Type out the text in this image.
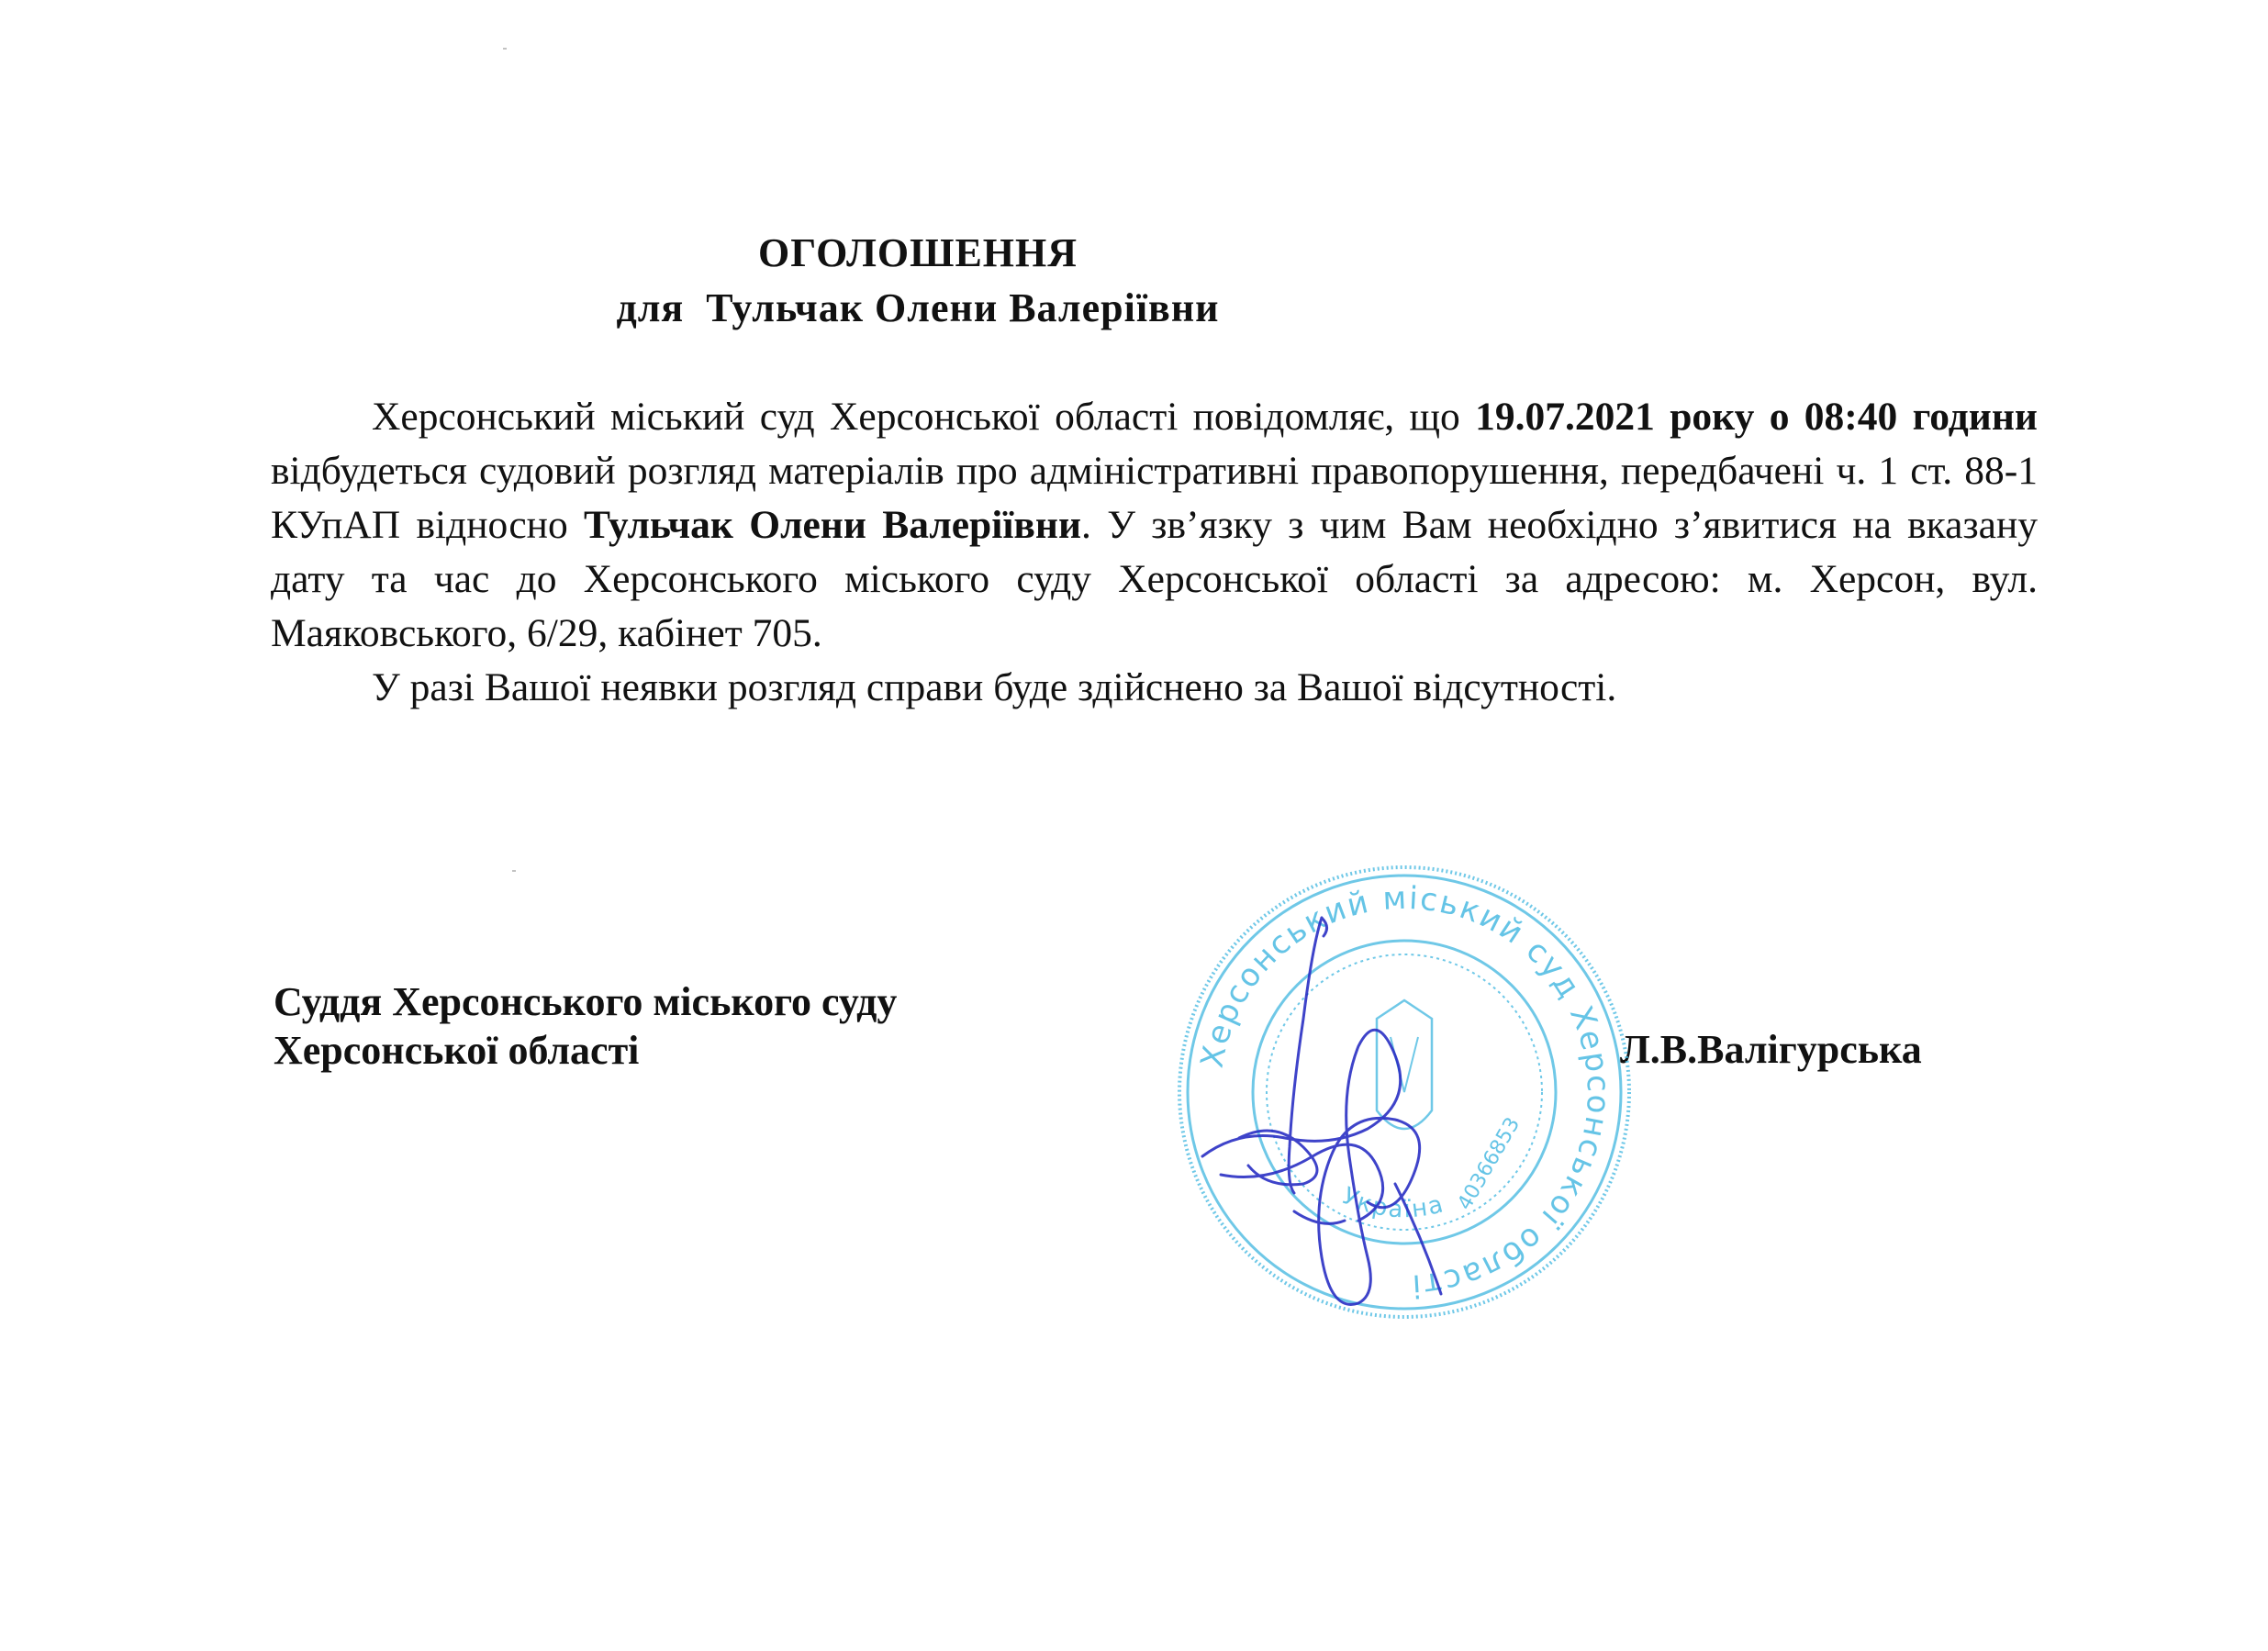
ОГОЛОШЕННЯ
для Тульчак Олени Валеріївни

Херсонський міський суд Херсонської області повідомляє, що 19.07.2021 року о 08:40 години відбудеться судовий розгляд матеріалів про адміністративні правопорушення, передбачені ч. 1 ст. 88-1 КУпАП відносно Тульчак Олени Валеріївни. У зв’язку з чим Вам необхідно з’явитися на вказану дату та час до Херсонського міського суду Херсонської області за адресою: м. Херсон, вул. Маяковського, 6/29, кабінет 705.

У разі Вашої неявки розгляд справи буде здійснено за Вашої відсутності.

Суддя Херсонського міського суду
Херсонської області	Л.В.Валігурська
Херсонський міський суд Херсонської області
Україна 40366853
